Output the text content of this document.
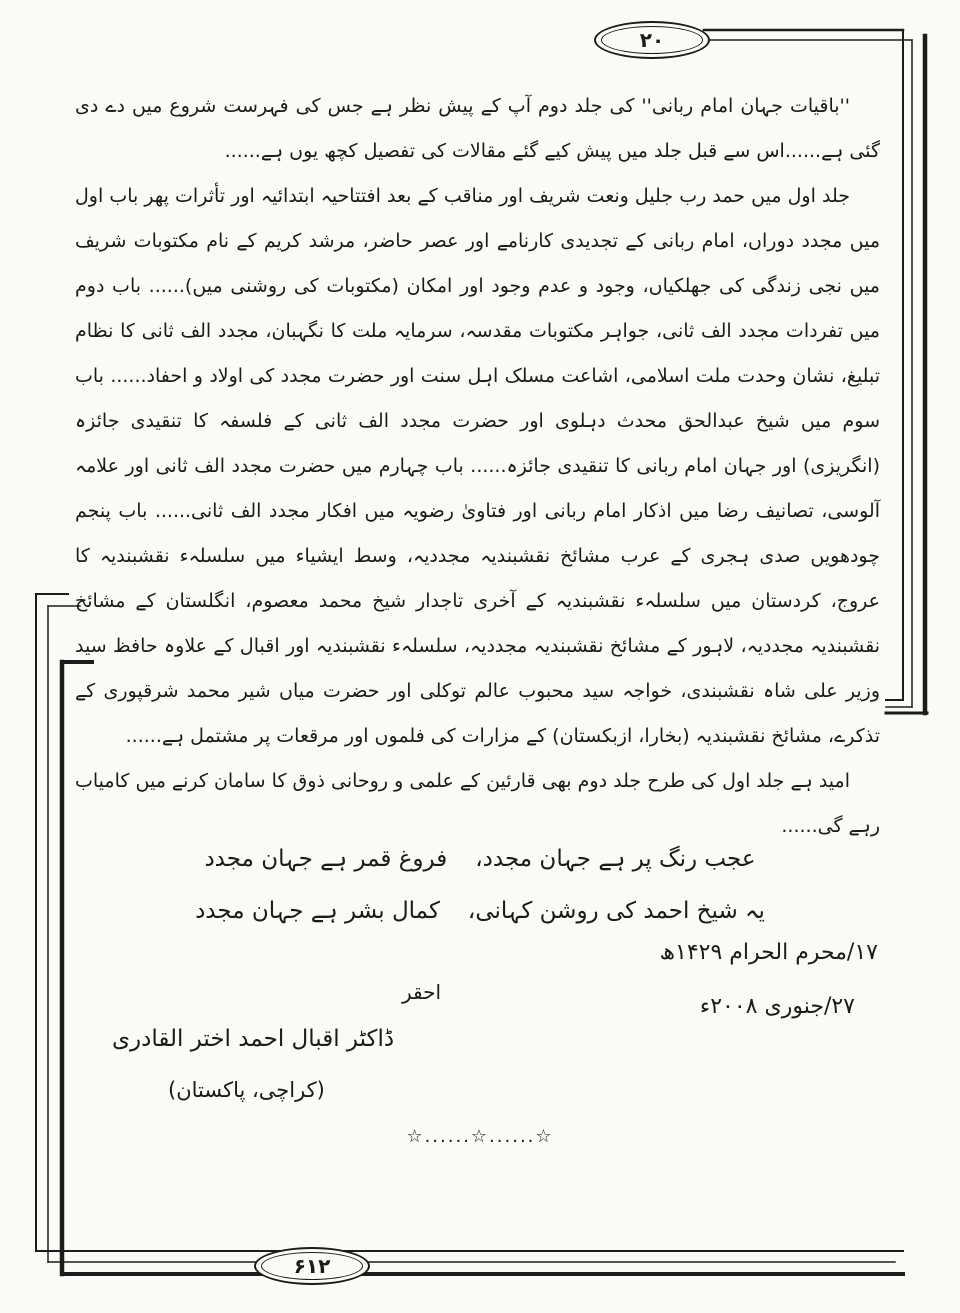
۲۰

''باقیات جہان امام ربانی'' کی جلد دوم آپ کے پیش نظر ہے جس کی فہرست شروع میں دے دی گئی ہے......اس سے قبل جلد میں پیش کیے گئے مقالات کی تفصیل کچھ یوں ہے......

جلد اول میں حمد رب جلیل ونعت شریف اور مناقب کے بعد افتتاحیہ ابتدائیہ اور تأثرات پھر باب اول میں مجدد دوراں، امام ربانی کے تجدیدی کارنامے اور عصر حاضر، مرشد کریم کے نام مکتوبات شریف میں نجی زندگی کی جھلکیاں، وجود و عدم وجود اور امکان (مکتوبات کی روشنی میں)...... باب دوم میں تفردات مجدد الف ثانی، جواہر مکتوبات مقدسہ، سرمایہ ملت کا نگہبان، مجدد الف ثانی کا نظام تبلیغ، نشان وحدت ملت اسلامی، اشاعت مسلک اہل سنت اور حضرت مجدد کی اولاد و احفاد...... باب سوم میں شیخ عبدالحق محدث دہلوی اور حضرت مجدد الف ثانی کے فلسفہ کا تنقیدی جائزہ (انگریزی) اور جہان امام ربانی کا تنقیدی جائزہ...... باب چہارم میں حضرت مجدد الف ثانی اور علامہ آلوسی، تصانیف رضا میں اذکار امام ربانی اور فتاویٰ رضویہ میں افکار مجدد الف ثانی...... باب پنجم چودھویں صدی ہجری کے عرب مشائخ نقشبندیہ مجددیہ، وسط ایشیاء میں سلسلہء نقشبندیہ کا عروج، کردستان میں سلسلہء نقشبندیہ کے آخری تاجدار شیخ محمد معصوم، انگلستان کے مشائخ نقشبندیہ مجددیہ، لاہور کے مشائخ نقشبندیہ مجددیہ، سلسلہء نقشبندیہ اور اقبال کے علاوہ حافظ سید وزیر علی شاہ نقشبندی، خواجہ سید محبوب عالم توکلی اور حضرت میاں شیر محمد شرقپوری کے تذکرے، مشائخ نقشبندیہ (بخارا، ازبکستان) کے مزارات کی فلموں اور مرقعات پر مشتمل ہے......

امید ہے جلد اول کی طرح جلد دوم بھی قارئین کے علمی و روحانی ذوق کا سامان کرنے میں کامیاب رہے گی......

عجب رنگ پر ہے جہان مجدد،
فروغ قمر ہے جہان مجدد
یہ شیخ احمد کی روشن کہانی،
کمال بشر ہے جہان مجدد
۱۷/محرم الحرام ۱۴۲۹ھ
۲۷/جنوری ۲۰۰۸ء
احقر
ڈاکٹر اقبال احمد اختر القادری
(کراچی، پاکستان)
☆......☆......☆
۶۱۲
